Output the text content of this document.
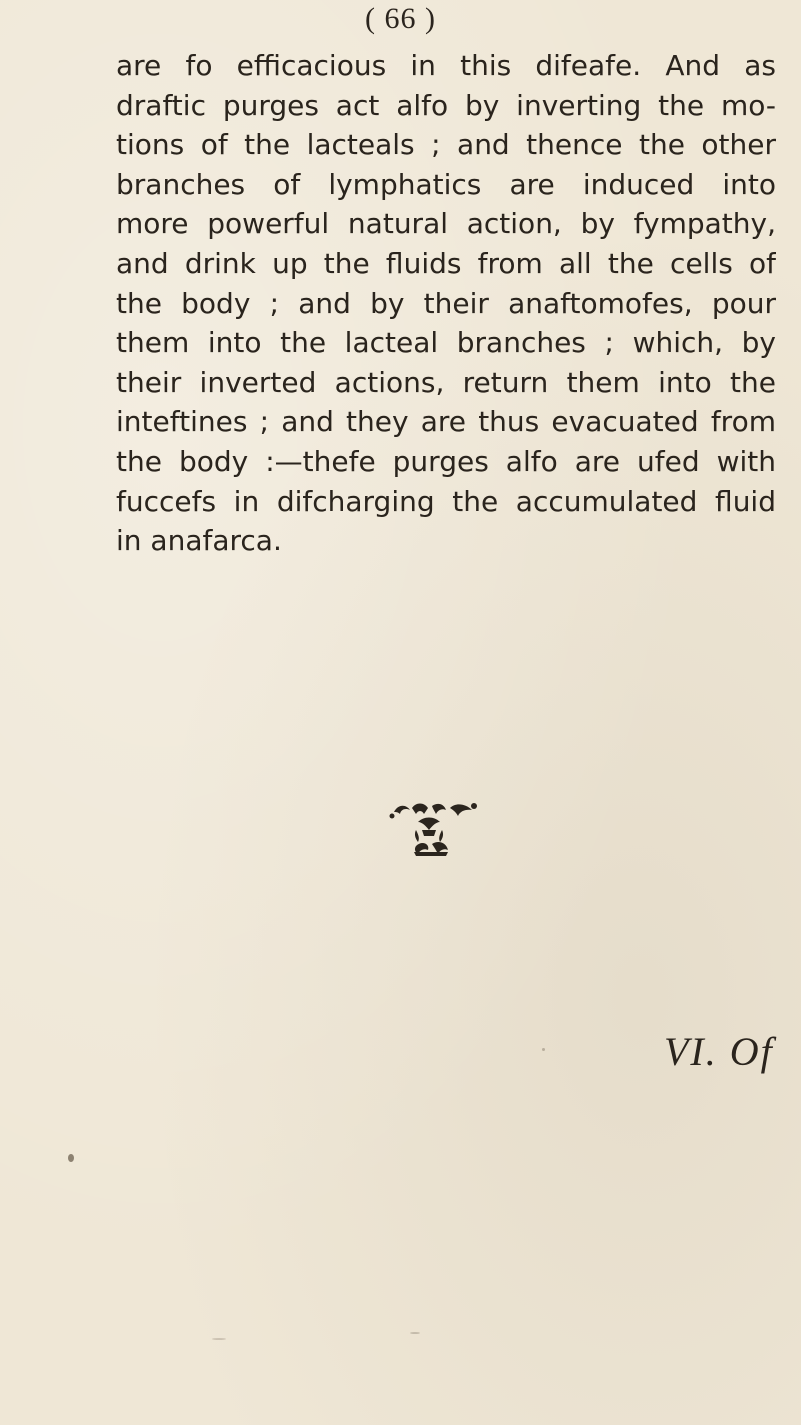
( 66 )
are fo efficacious in this difeafe. And as
draftic purges act alfo by inverting the mo-
tions of the lacteals ; and thence the other
branches of lymphatics are induced into
more powerful natural action, by fympathy,
and drink up the fluids from all the cells of
the body ; and by their anaftomofes, pour
them into the lacteal branches ; which, by
their inverted actions, return them into the
inteftines ; and they are thus evacuated from
the body :—thefe purges alfo are ufed with
fuccefs in difcharging the accumulated fluid
in anafarca.
VI. Of
